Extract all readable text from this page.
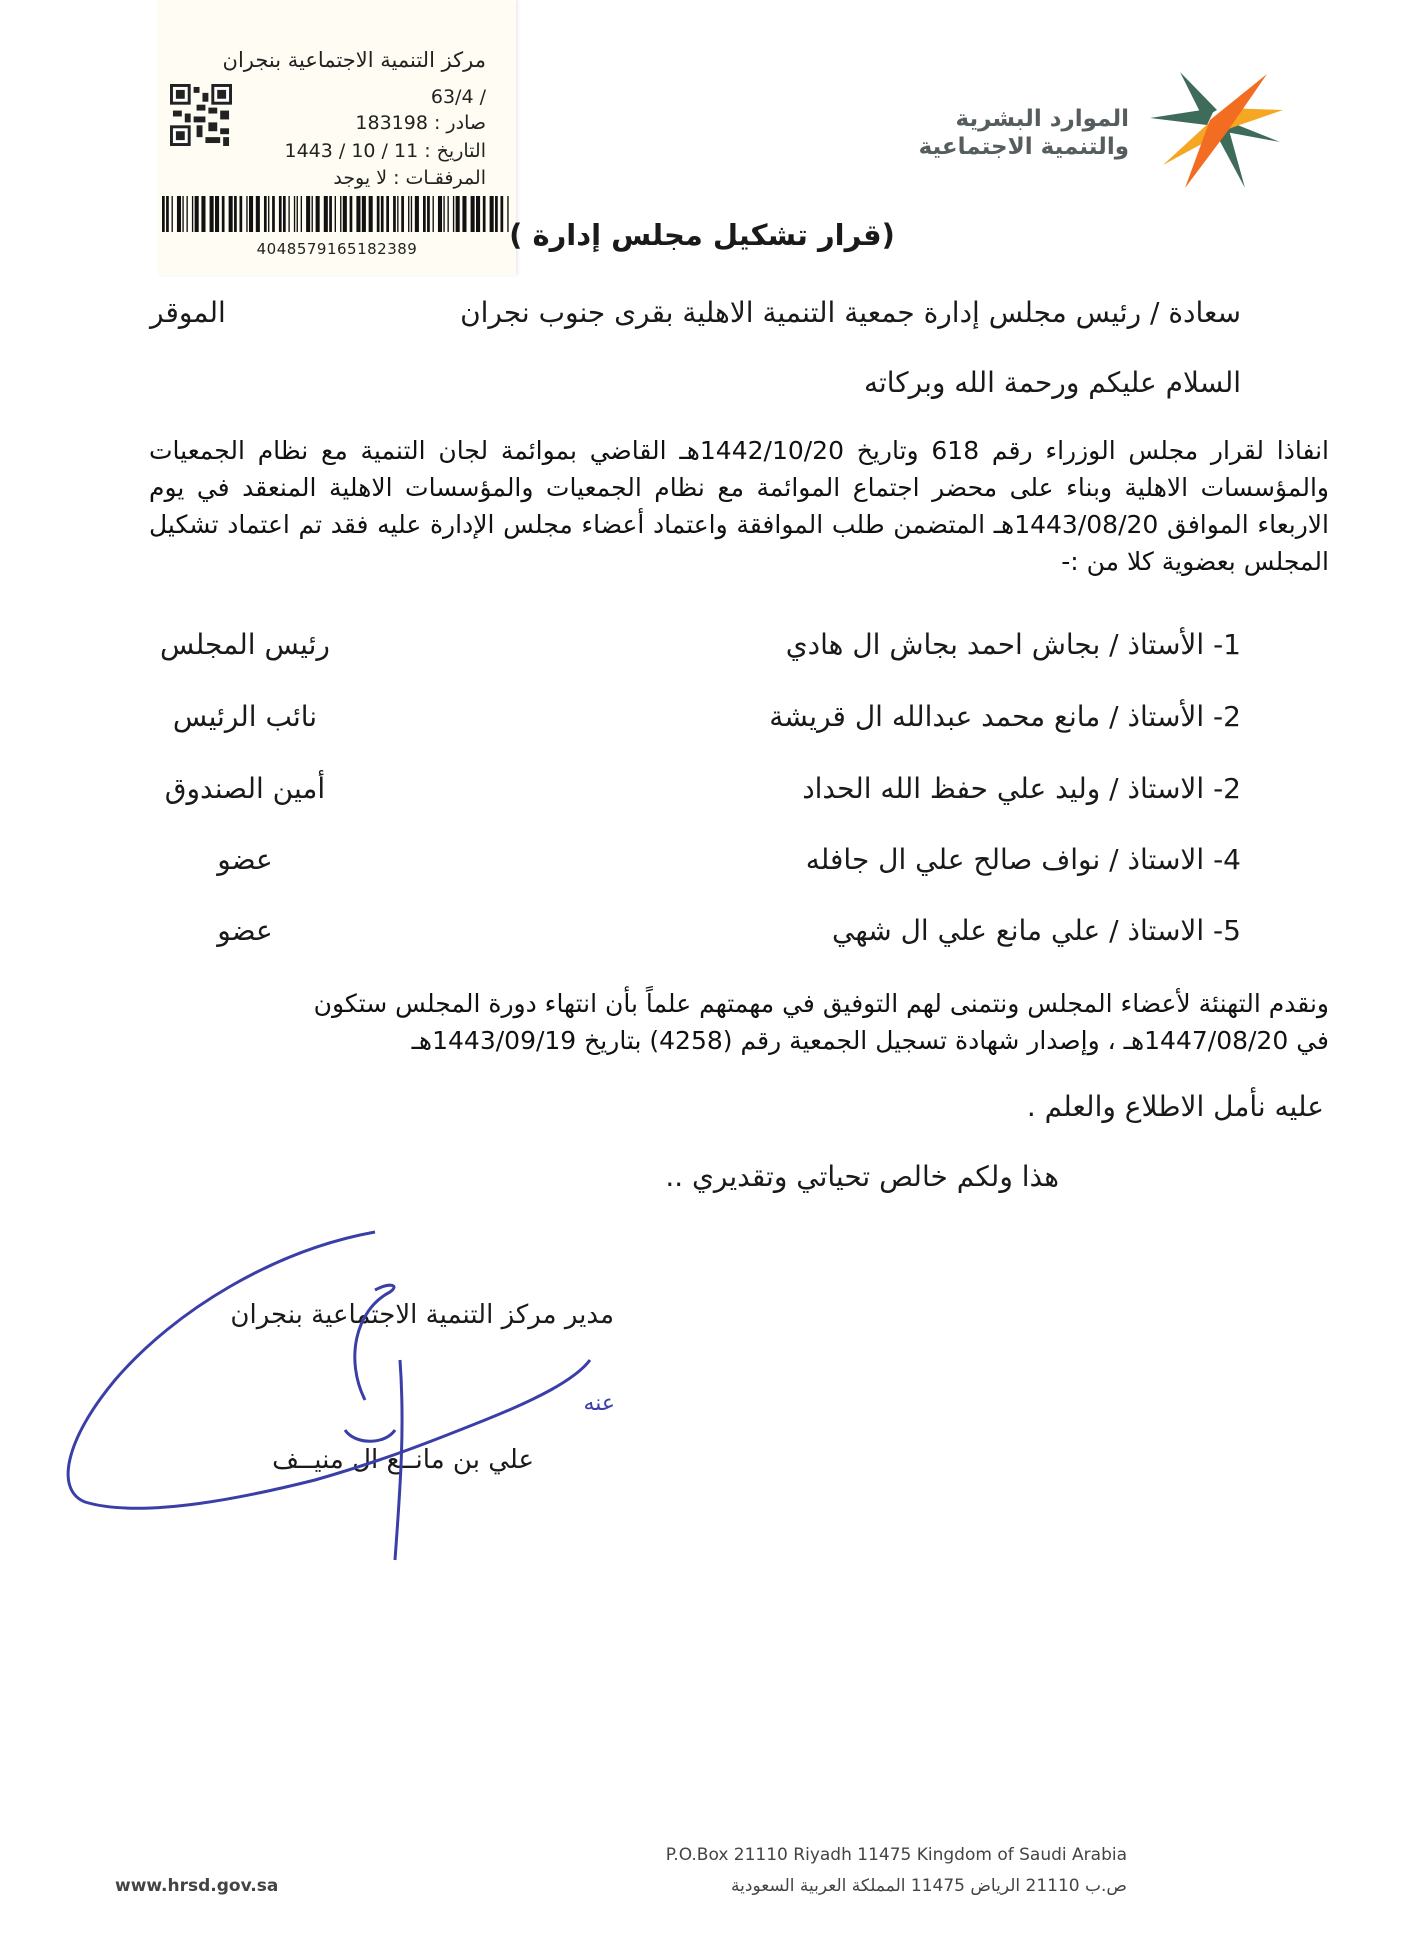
مركز التنمية الاجتماعية بنجران
/ 63/4
صادر : 183198
التاريخ : 11 / 10 / 1443
المرفقـات : لا يوجد
4048579165182389
الموارد البشرية
والتنمية الاجتماعية
(قرار تشكيل مجلس إدارة )
سعادة / رئيس مجلس إدارة جمعية التنمية الاهلية بقرى جنوب نجران
الموقر
السلام عليكم ورحمة الله وبركاته
انفاذا لقرار مجلس الوزراء رقم 618 وتاريخ 1442/10/20هـ القاضي بموائمة لجان التنمية مع نظام الجمعيات والمؤسسات الاهلية وبناء على محضر اجتماع الموائمة مع نظام الجمعيات والمؤسسات الاهلية المنعقد في يوم الاربعاء الموافق 1443/08/20هـ المتضمن طلب الموافقة واعتماد أعضاء مجلس الإدارة عليه فقد تم اعتماد تشكيل المجلس بعضوية كلا من :-
1- الأستاذ / بجاش احمد بجاش ال هادي
رئيس المجلس
2- الأستاذ / مانع محمد عبدالله ال قريشة
نائب الرئيس
2- الاستاذ / وليد علي حفظ الله الحداد
أمين الصندوق
4- الاستاذ / نواف صالح علي ال جافله
عضو
5- الاستاذ / علي مانع علي ال شهي
عضو
ونقدم التهنئة لأعضاء المجلس ونتمنى لهم التوفيق في مهمتهم علماً بأن انتهاء دورة المجلس ستكون في 1447/08/20هـ ، وإصدار شهادة تسجيل الجمعية رقم (4258) بتاريخ 1443/09/19هـ
عليه نأمل الاطلاع والعلم .
هذا ولكم خالص تحياتي وتقديري ..
مدير مركز التنمية الاجتماعية بنجران
علي بن مانــع ال منيــف
عنه
P.O.Box 21110 Riyadh 11475 Kingdom of Saudi Arabia
ص.ب 21110 الرياض 11475 المملكة العربية السعودية
www.hrsd.gov.sa
